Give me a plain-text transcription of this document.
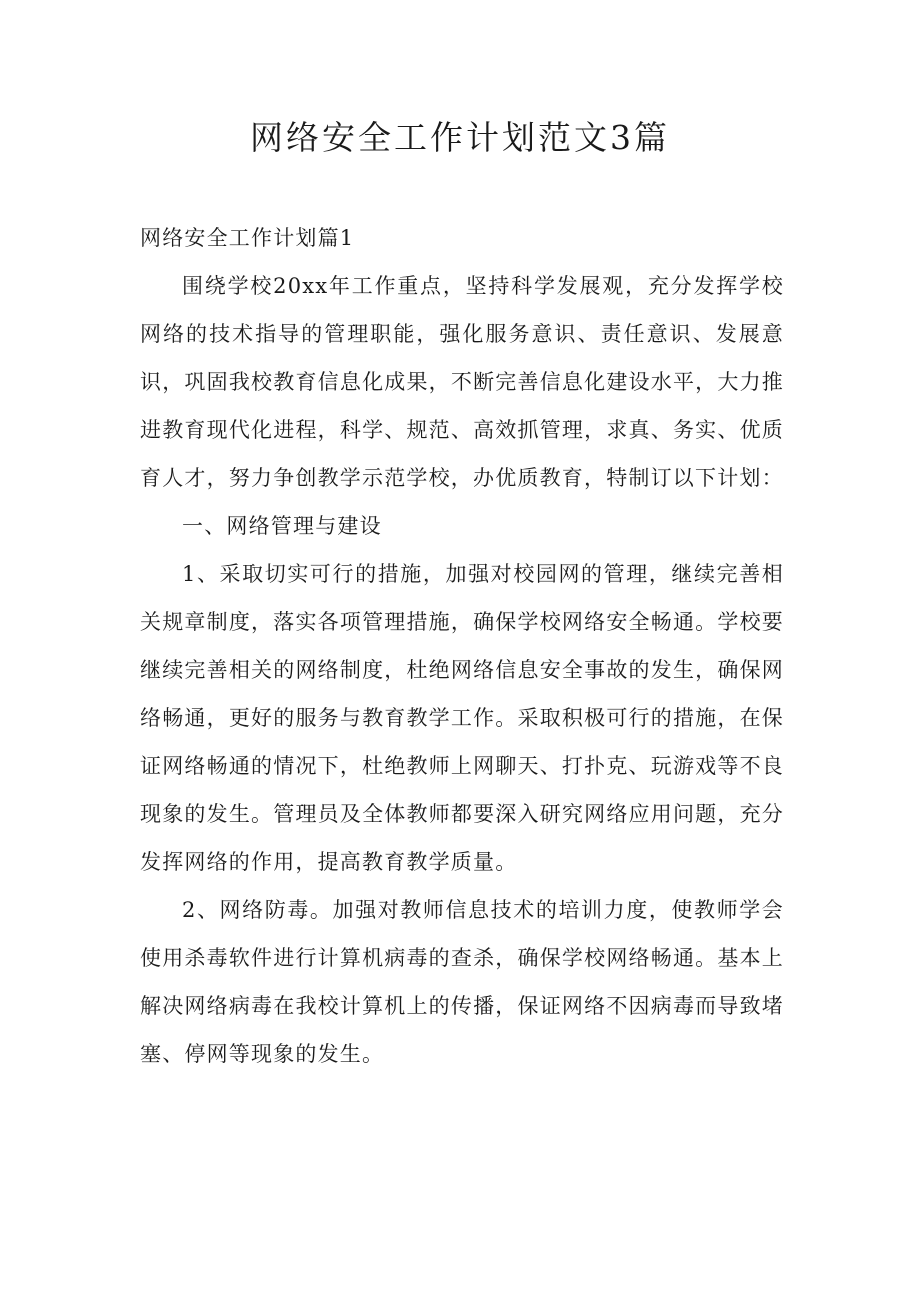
网络安全工作计划范文3篇

网络安全工作计划篇1

围绕学校20xx年工作重点，坚持科学发展观，充分发挥学校网络的技术指导的管理职能，强化服务意识、责任意识、发展意识，巩固我校教育信息化成果，不断完善信息化建设水平，大力推进教育现代化进程，科学、规范、高效抓管理，求真、务实、优质育人才，努力争创教学示范学校，办优质教育，特制订以下计划：

一、网络管理与建设

1、采取切实可行的措施，加强对校园网的管理，继续完善相关规章制度，落实各项管理措施，确保学校网络安全畅通。学校要继续完善相关的网络制度，杜绝网络信息安全事故的发生，确保网络畅通，更好的服务与教育教学工作。采取积极可行的措施，在保证网络畅通的情况下，杜绝教师上网聊天、打扑克、玩游戏等不良现象的发生。管理员及全体教师都要深入研究网络应用问题，充分发挥网络的作用，提高教育教学质量。

2、网络防毒。加强对教师信息技术的培训力度，使教师学会使用杀毒软件进行计算机病毒的查杀，确保学校网络畅通。基本上解决网络病毒在我校计算机上的传播，保证网络不因病毒而导致堵塞、停网等现象的发生。
